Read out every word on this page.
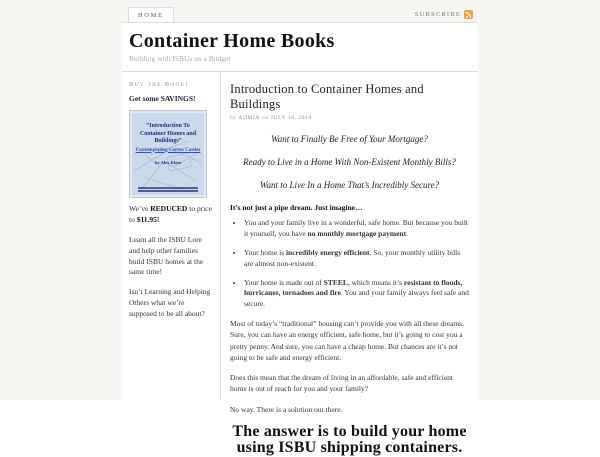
HOME	SUBSCRIBE
Container Home Books
Building with ISBUs on a Budget
Buy the Book!
Get some SAVINGS!
“Introduction To Container Homes and Buildings”
Contemplating Corten Castles
by Alex Klein

We’ve REDUCED to price to $11.95!

Learn all the ISBU Lore and help other families build ISBU homes at the same time!

Isn’t Learning and Helping Others what we’re supposed to be all about?

Introduction to Container Homes and Buildings
by ADMIN on JULY 18, 2010

Want to Finally Be Free of Your Mortgage?

Ready to Live in a Home With Non-Existent Monthly Bills?

Want to Live In a Home That’s Incredibly Secure?

It’s not just a pipe dream. Just imagine…

• You and your family live in a wonderful, safe home. But because you built it yourself, you have no monthly mortgage payment.
• Your home is incredibly energy efficient. So, your monthly utility bills are almost non-existent.
• Your home is made out of STEEL, which means it’s resistant to floods, hurricanes, tornadoes and fire. You and your family always feel safe and secure.

Most of today’s “traditional” housing can’t provide you with all these dreams. Sure, you can have an energy efficient, safe home, but it’s going to cost you a pretty penny. And sure, you can have a cheap home. But chances are it’s not going to be safe and energy efficient.

Does this mean that the dream of living in an affordable, safe and efficient home is out of reach for you and your family?

No way. There is a solution out there.

The answer is to build your home using ISBU shipping containers.
